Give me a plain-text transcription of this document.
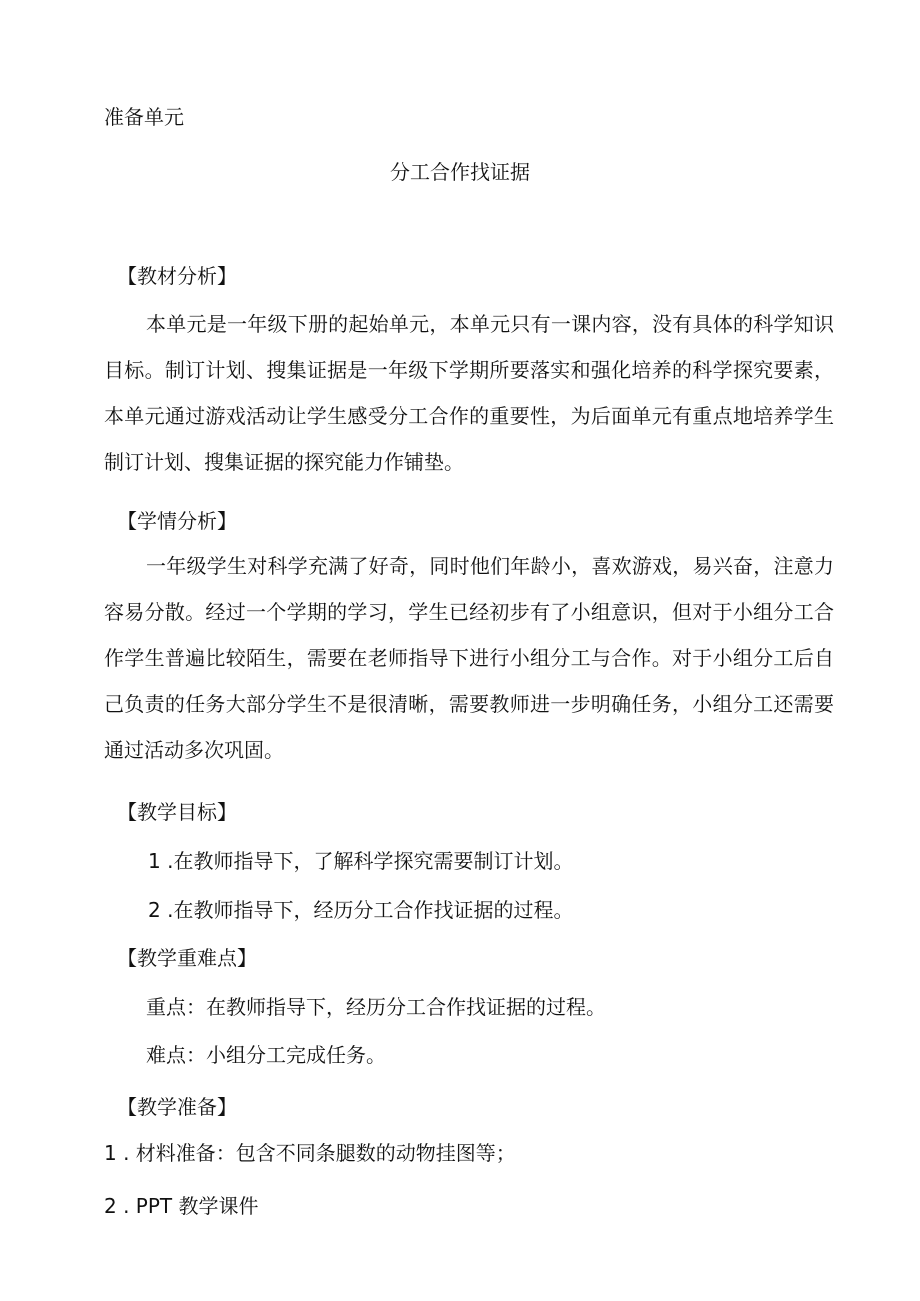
准备单元

分工合作找证据
【教材分析】

本单元是一年级下册的起始单元，本单元只有一课内容，没有具体的科学知识目标。制订计划、搜集证据是一年级下学期所要落实和强化培养的科学探究要素，本单元通过游戏活动让学生感受分工合作的重要性，为后面单元有重点地培养学生制订计划、搜集证据的探究能力作铺垫。

【学情分析】

一年级学生对科学充满了好奇，同时他们年龄小，喜欢游戏，易兴奋，注意力容易分散。经过一个学期的学习，学生已经初步有了小组意识，但对于小组分工合作学生普遍比较陌生，需要在老师指导下进行小组分工与合作。对于小组分工后自己负责的任务大部分学生不是很清晰，需要教师进一步明确任务，小组分工还需要通过活动多次巩固。

【教学目标】

1 .在教师指导下，了解科学探究需要制订计划。

2 .在教师指导下，经历分工合作找证据的过程。

【教学重难点】

重点：在教师指导下，经历分工合作找证据的过程。

难点：小组分工完成任务。

【教学准备】

1 . 材料准备：包含不同条腿数的动物挂图等；

2 . PPT 教学课件
